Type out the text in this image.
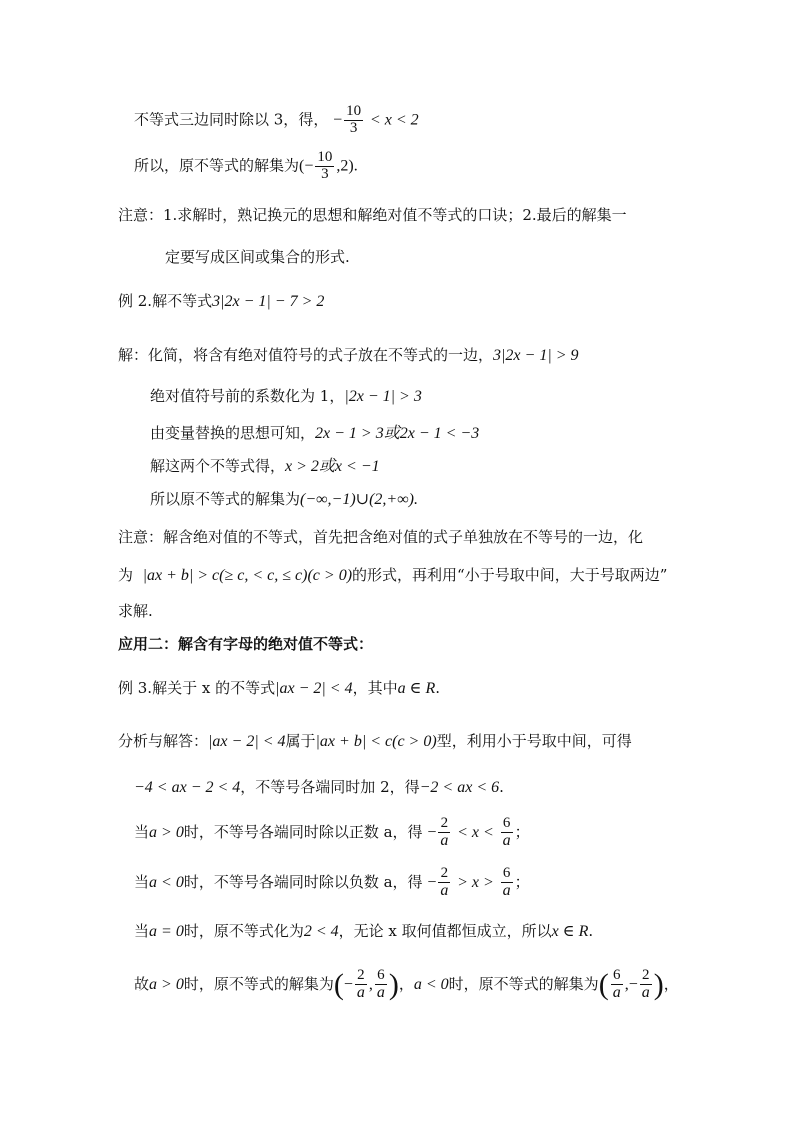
不等式三边同时除以 3，得， − $\frac{10}{3} < x < 2$
所以，原不等式的解集为(− $\frac{10}{3} ,2$).
注意：1.求解时，熟记换元的思想和解绝对值不等式的口诀；2.最后的解集一
定要写成区间或集合的形式.
例 2.解不等式3|2x − 1| − 7 > 2
解：化简，将含有绝对值符号的式子放在不等式的一边，3|2x − 1| > 9
绝对值符号前的系数化为 1，|2x − 1| > 3
由变量替换的思想可知，2x − 1 > 3或2x − 1 < −3
解这两个不等式得，x > 2或x < −1
所以原不等式的解集为(−∞,−1)∪(2,+∞).
注意：解含绝对值的不等式，首先把含绝对值的式子单独放在不等号的一边，化
为 |ax + b| > c(≥ c, < c, ≤ c)(c > 0)的形式，再利用“小于号取中间，大于号取两边”
求解.
应用二：解含有字母的绝对值不等式：
例 3.解关于 x 的不等式|ax − 2| < 4，其中a ∈ R.
分析与解答：|ax − 2| < 4属于|ax + b| < c(c > 0)型，利用小于号取中间，可得
−4 < ax − 2 < 4，不等号各端同时加 2，得−2 < ax < 6.
当a > 0时，不等号各端同时除以正数 a，得 − $\frac{2}{a} < x < \frac{6}{a}$ ；
当a < 0时，不等号各端同时除以负数 a，得 − $\frac{2}{a} > x > \frac{6}{a}$ ；
当a = 0时，原不等式化为2 < 4，无论 x 取何值都恒成立，所以x ∈ R.
故a > 0时，原不等式的解集为(− $\frac{2}{a}$ , $\frac{6}{a}$ )，a < 0时，原不等式的解集为( $\frac{6}{a}$ ,− $\frac{2}{a}$ )，
